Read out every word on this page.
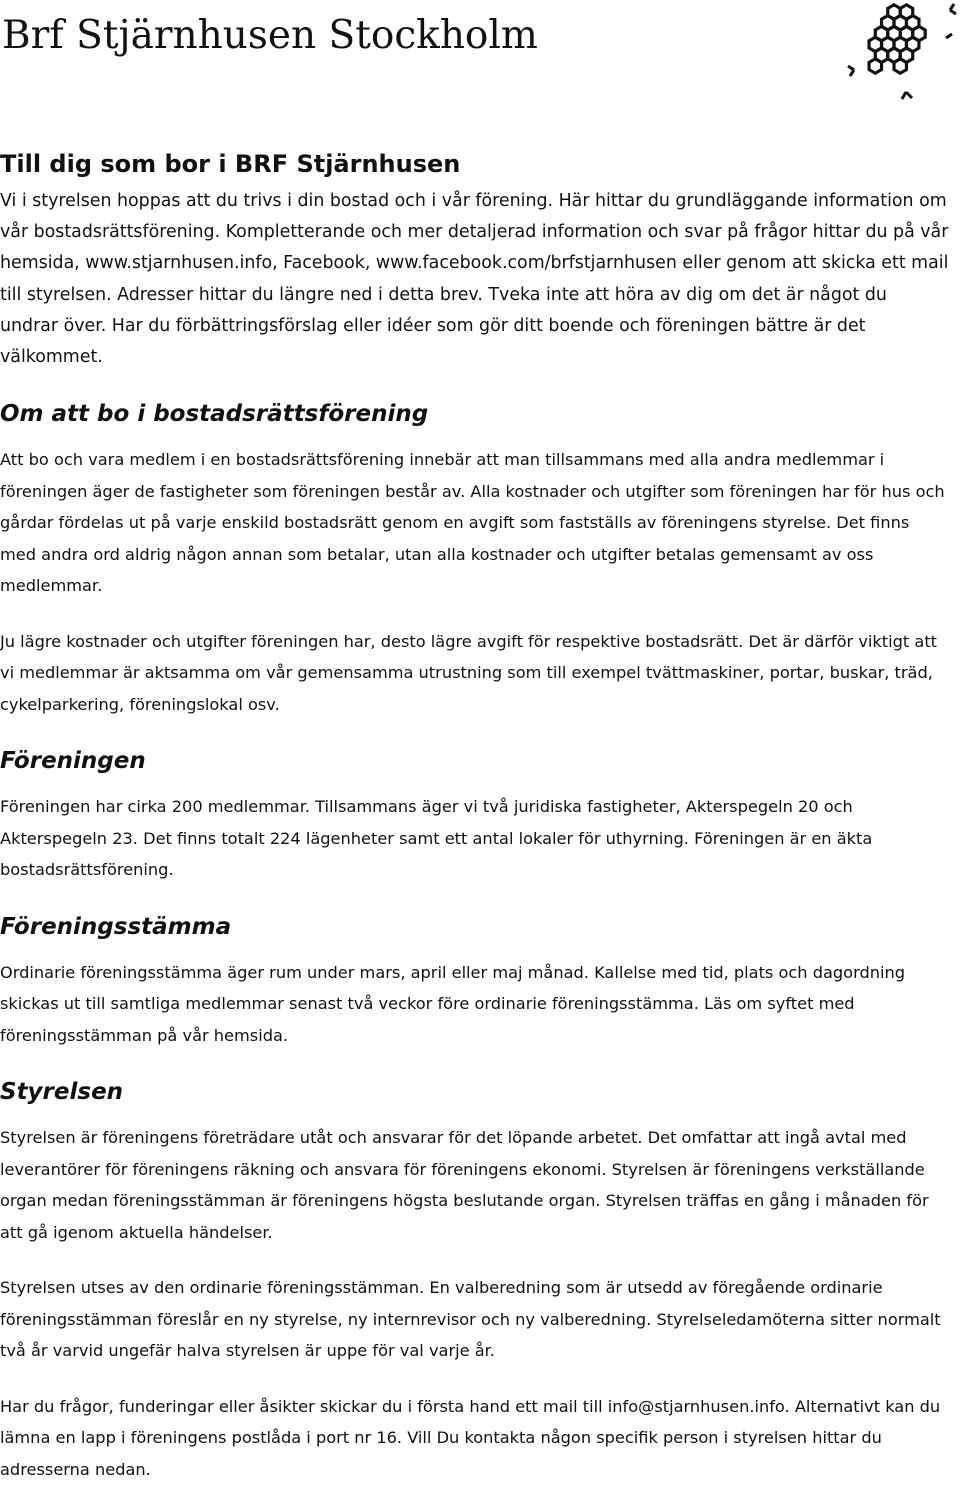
Brf Stjärnhusen Stockholm
Till dig som bor i BRF Stjärnhusen

Vi i styrelsen hoppas att du trivs i din bostad och i vår förening. Här hittar du grundläggande information om vår bostadsrättsförening. Kompletterande och mer detaljerad information och svar på frågor hittar du på vår hemsida, www.stjarnhusen.info, Facebook, www.facebook.com/brfstjarnhusen eller genom att skicka ett mail till styrelsen. Adresser hittar du längre ned i detta brev. Tveka inte att höra av dig om det är något du undrar över. Har du förbättringsförslag eller idéer som gör ditt boende och föreningen bättre är det välkommet.

Om att bo i bostadsrättsförening

Att bo och vara medlem i en bostadsrättsförening innebär att man tillsammans med alla andra medlemmar i föreningen äger de fastigheter som föreningen består av. Alla kostnader och utgifter som föreningen har för hus och gårdar fördelas ut på varje enskild bostadsrätt genom en avgift som fastställs av föreningens styrelse. Det finns med andra ord aldrig någon annan som betalar, utan alla kostnader och utgifter betalas gemensamt av oss medlemmar.

Ju lägre kostnader och utgifter föreningen har, desto lägre avgift för respektive bostadsrätt. Det är därför viktigt att vi medlemmar är aktsamma om vår gemensamma utrustning som till exempel tvättmaskiner, portar, buskar, träd, cykelparkering, föreningslokal osv.

Föreningen

Föreningen har cirka 200 medlemmar. Tillsammans äger vi två juridiska fastigheter, Akterspegeln 20 och Akterspegeln 23. Det finns totalt 224 lägenheter samt ett antal lokaler för uthyrning. Föreningen är en äkta bostadsrättsförening.

Föreningsstämma

Ordinarie föreningsstämma äger rum under mars, april eller maj månad. Kallelse med tid, plats och dagordning skickas ut till samtliga medlemmar senast två veckor före ordinarie föreningsstämma. Läs om syftet med föreningsstämman på vår hemsida.

Styrelsen

Styrelsen är föreningens företrädare utåt och ansvarar för det löpande arbetet. Det omfattar att ingå avtal med leverantörer för föreningens räkning och ansvara för föreningens ekonomi. Styrelsen är föreningens verkställande organ medan föreningsstämman är föreningens högsta beslutande organ. Styrelsen träffas en gång i månaden för att gå igenom aktuella händelser.

Styrelsen utses av den ordinarie föreningsstämman. En valberedning som är utsedd av föregående ordinarie föreningsstämman föreslår en ny styrelse, ny internrevisor och ny valberedning. Styrelseledamöterna sitter normalt två år varvid ungefär halva styrelsen är uppe för val varje år.

Har du frågor, funderingar eller åsikter skickar du i första hand ett mail till info@stjarnhusen.info. Alternativt kan du lämna en lapp i föreningens postlåda i port nr 16. Vill Du kontakta någon specifik person i styrelsen hittar du adresserna nedan.
